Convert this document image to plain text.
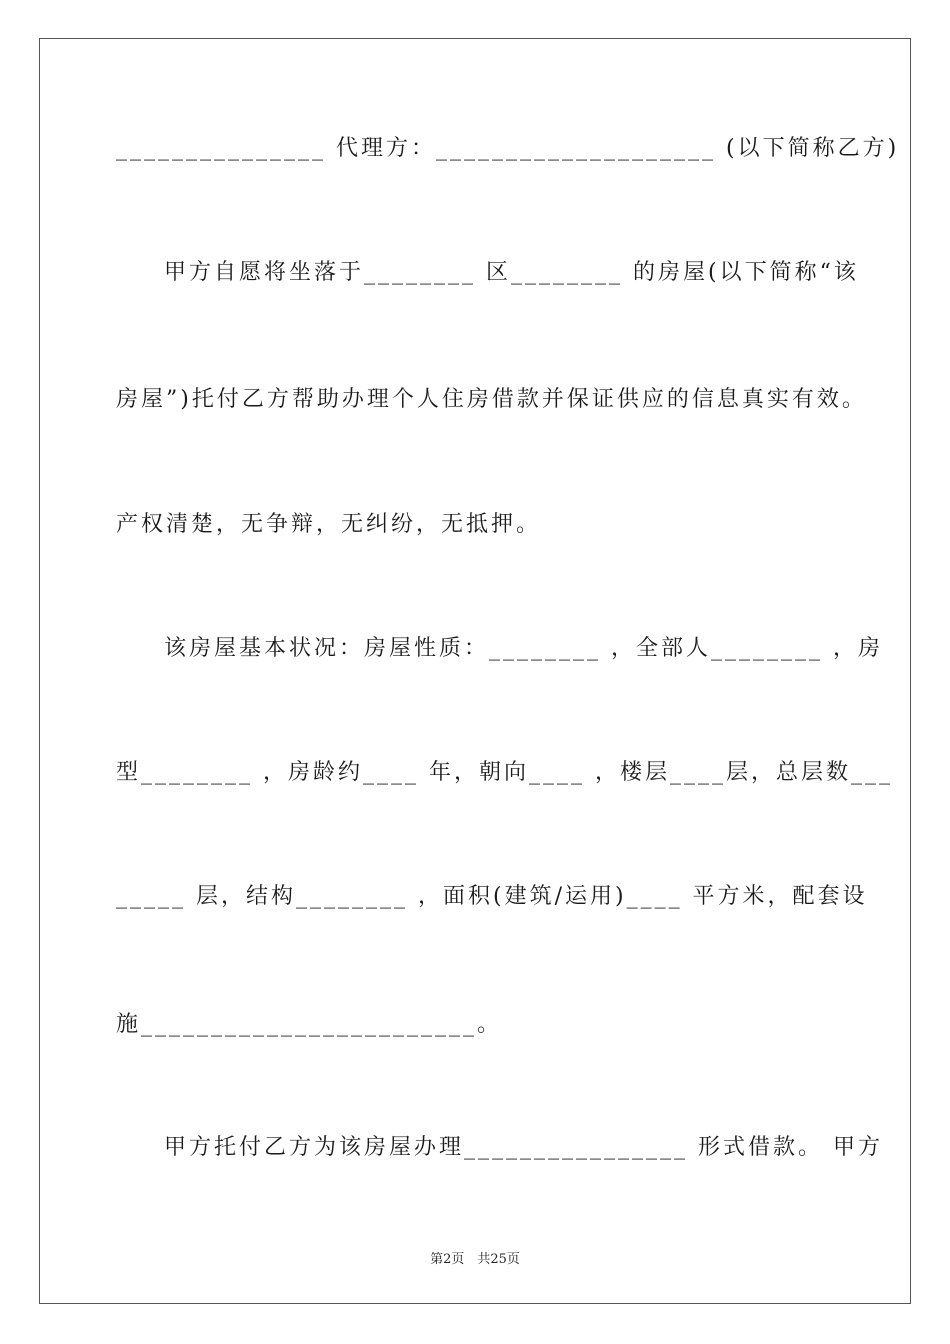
_______________ 代理方：____________________ (以下简称乙方)
甲方自愿将坐落于________ 区________ 的房屋(以下简称“该
房屋”)托付乙方帮助办理个人住房借款并保证供应的信息真实有效。
产权清楚，无争辩，无纠纷，无抵押。
该房屋基本状况：房屋性质：________ ，全部人________ ，房
型________ ，房龄约____ 年，朝向____ ，楼层____层，总层数___
_____ 层，结构________ ，面积(建筑/运用)____ 平方米，配套设
施________________________。
甲方托付乙方为该房屋办理________________ 形式借款。 甲方
第2页　共25页
